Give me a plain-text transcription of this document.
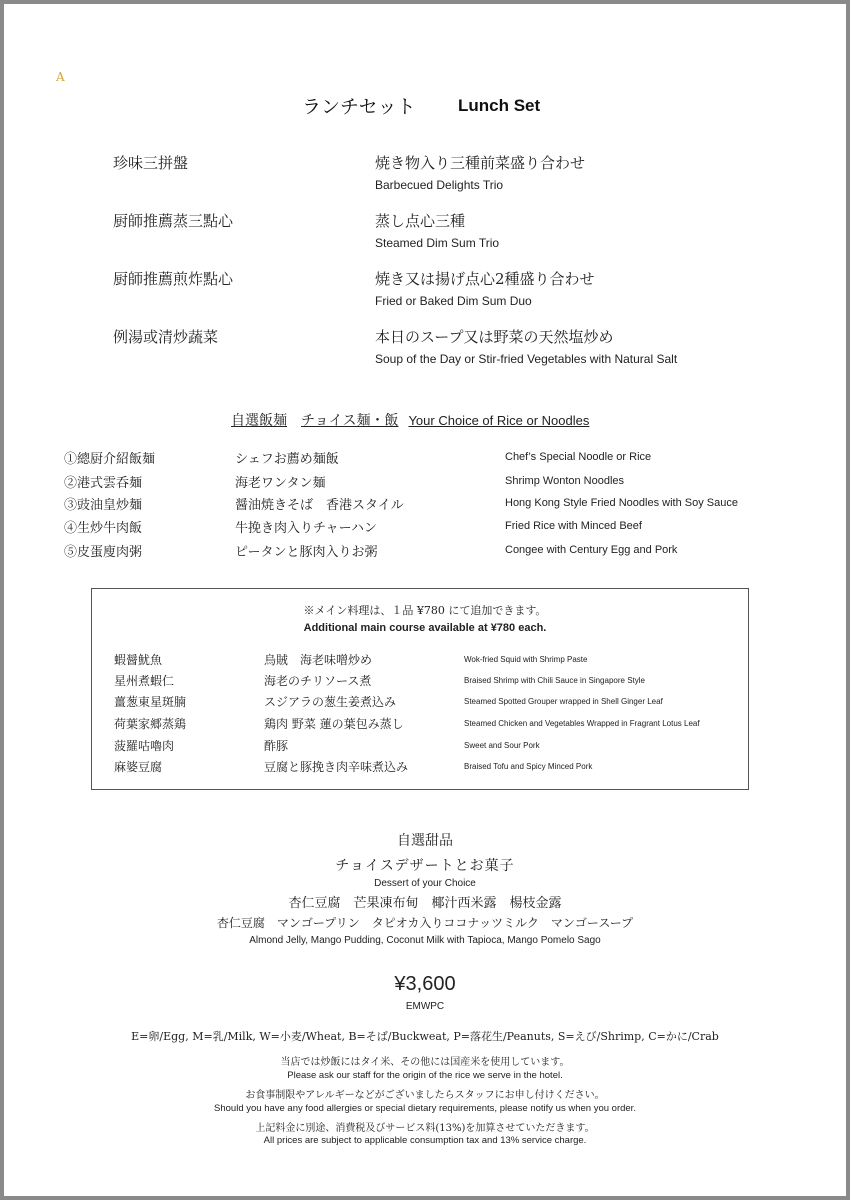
A
ランチセット Lunch Set
珍味三拼盤	焼き物入り三種前菜盛り合わせ
Barbecued Delights Trio
厨師推薦蒸三點心	蒸し点心三種
Steamed Dim Sum Trio
厨師推薦煎炸點心	焼き又は揚げ点心2種盛り合わせ
Fried or Baked Dim Sum Duo
例湯或清炒蔬菜	本日のスープ又は野菜の天然塩炒め
Soup of the Day or Stir-fried Vegetables with Natural Salt
自選飯麺 チョイス麺・飯 Your Choice of Rice or Noodles
①總厨介紹飯麺	シェフお薦め麺飯	Chef’s Special Noodle or Rice
②港式雲呑麺	海老ワンタン麺	Shrimp Wonton Noodles
③豉油皇炒麺	醤油焼きそば　香港スタイル	Hong Kong Style Fried Noodles with Soy Sauce
④生炒牛肉飯	牛挽き肉入りチャーハン	Fried Rice with Minced Beef
⑤皮蛋廋肉粥	ピータンと豚肉入りお粥	Congee with Century Egg and Pork
※メイン料理は、１品 ¥780 にて追加できます。
Additional main course available at ¥780 each.
蝦醤魷魚	烏賊　海老味噌炒め	Wok-fried Squid with Shrimp Paste
星州煮蝦仁	海老のチリソース煮	Braised Shrimp with Chili Sauce in Singapore Style
薑葱東星斑腩	スジアラの葱生姜煮込み	Steamed Spotted Grouper wrapped in Shell Ginger Leaf
荷葉家郷蒸鶏	鶏肉 野菜 蓮の葉包み蒸し	Steamed Chicken and Vegetables Wrapped in Fragrant Lotus Leaf
菠羅咕嚕肉	酢豚	Sweet and Sour Pork
麻婆豆腐	豆腐と豚挽き肉辛味煮込み	Braised Tofu and Spicy Minced Pork
自選甜品
チョイスデザートとお菓子
Dessert of your Choice
杏仁豆腐　芒果凍布甸　椰汁西米露　楊枝金露
杏仁豆腐　マンゴープリン　タピオカ入りココナッツミルク　マンゴースープ
Almond Jelly, Mango Pudding, Coconut Milk with Tapioca, Mango Pomelo Sago
¥3,600
EMWPC
E=卵/Egg, M=乳/Milk, W=小麦/Wheat, B=そば/Buckweat, P=落花生/Peanuts, S=えび/Shrimp, C=かに/Crab
当店では炒飯にはタイ米、その他には国産米を使用しています。
Please ask our staff for the origin of the rice we serve in the hotel.
お食事制限やアレルギーなどがございましたらスタッフにお申し付けください。
Should you have any food allergies or special dietary requirements, please notify us when you order.
上記料金に別途、消費税及びサービス料(13%)を加算させていただきます。
All prices are subject to applicable consumption tax and 13% service charge.
